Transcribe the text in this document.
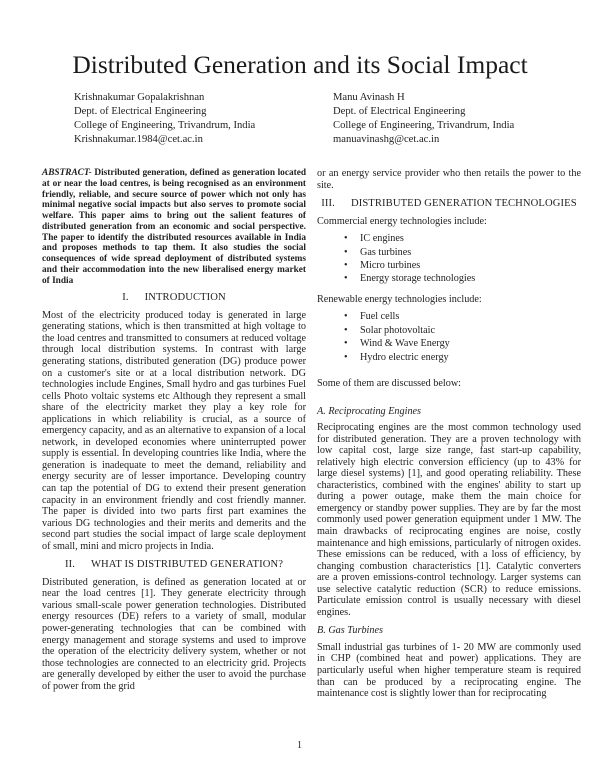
Distributed Generation and its Social Impact
Krishnakumar Gopalakrishnan
Dept. of Electrical Engineering
College of Engineering, Trivandrum, India
Krishnakumar.1984@cet.ac.in
Manu Avinash H
Dept. of Electrical Engineering
College of Engineering, Trivandrum, India
manuavinashg@cet.ac.in

ABSTRACT- Distributed generation, defined as generation located at or near the load centres, is being recognised as an environment friendly, reliable, and secure source of power which not only has minimal negative social impacts but also serves to promote social welfare. This paper aims to bring out the salient features of distributed generation from an economic and social perspective. The paper to identify the distributed resources available in India and proposes methods to tap them. It also studies the social consequences of wide spread deployment of distributed systems and their accommodation into the new liberalised energy market of India

I. INTRODUCTION

Most of the electricity produced today is generated in large generating stations, which is then transmitted at high voltage to the load centres and transmitted to consumers at reduced voltage through local distribution systems. In contrast with large generating stations, distributed generation (DG) produce power on a customer's site or at a local distribution network. DG technologies include Engines, Small hydro and gas turbines Fuel cells Photo voltaic systems etc Although they represent a small share of the electricity market they play a key role for applications in which reliability is crucial, as a source of emergency capacity, and as an alternative to expansion of a local network, in developed economies where uninterrupted power supply is essential. In developing countries like India, where the generation is inadequate to meet the demand, reliability and energy security are of lesser importance. Developing country can tap the potential of DG to extend their present generation capacity in an environment friendly and cost friendly manner. The paper is divided into two parts first part examines the various DG technologies and their merits and demerits and the second part studies the social impact of large scale deployment of small, mini and micro projects in India.

II. WHAT IS DISTRIBUTED GENERATION?

Distributed generation, is defined as generation located at or near the load centres [1]. They generate electricity through various small-scale power generation technologies. Distributed energy resources (DE) refers to a variety of small, modular power-generating technologies that can be combined with energy management and storage systems and used to improve the operation of the electricity delivery system, whether or not those technologies are connected to an electricity grid. Projects are generally developed by either the user to avoid the purchase of power from the grid

or an energy service provider who then retails the power to the site.

III. DISTRIBUTED GENERATION TECHNOLOGIES

Commercial energy technologies include:

• IC engines
• Gas turbines
• Micro turbines
• Energy storage technologies

Renewable energy technologies include:

• Fuel cells
• Solar photovoltaic
• Wind & Wave Energy
• Hydro electric energy

Some of them are discussed below:

A. Reciprocating Engines

Reciprocating engines are the most common technology used for distributed generation. They are a proven technology with low capital cost, large size range, fast start-up capability, relatively high electric conversion efficiency (up to 43% for large diesel systems) [1], and good operating reliability. These characteristics, combined with the engines' ability to start up during a power outage, make them the main choice for emergency or standby power supplies. They are by far the most commonly used power generation equipment under 1 MW. The main drawbacks of reciprocating engines are noise, costly maintenance and high emissions, particularly of nitrogen oxides. These emissions can be reduced, with a loss of efficiency, by changing combustion characteristics [1]. Catalytic converters are a proven emissions-control technology. Larger systems can use selective catalytic reduction (SCR) to reduce emissions. Particulate emission control is usually necessary with diesel engines.

B. Gas Turbines

Small industrial gas turbines of 1- 20 MW are commonly used in CHP (combined heat and power) applications. They are particularly useful when higher temperature steam is required than can be produced by a reciprocating engine. The maintenance cost is slightly lower than for reciprocating

1
